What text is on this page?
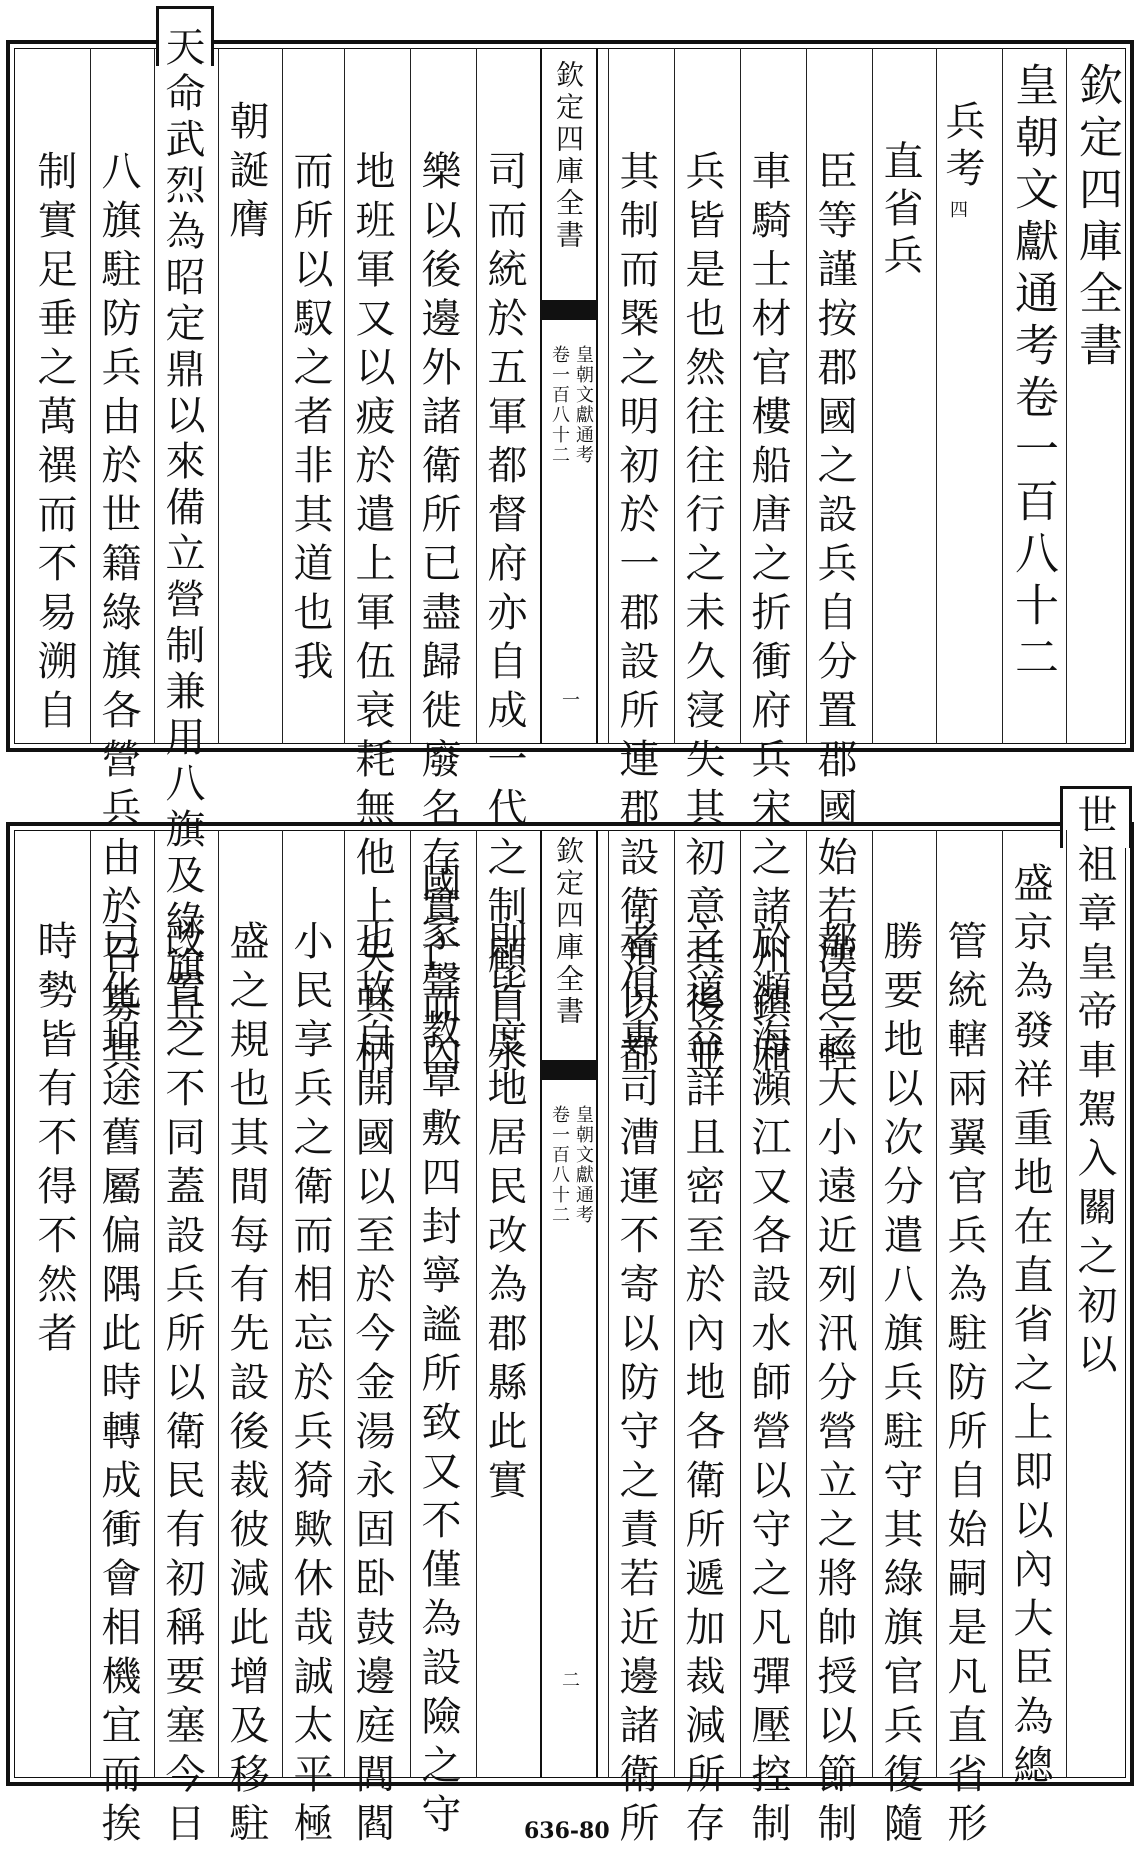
欽定四庫全書
皇朝文獻通考
卷一百八十二
一
欽定四庫全書
皇朝文獻通考卷一百八十二
兵考
四
直省兵
臣等謹按郡國之設兵自分置郡國始若漢之輕
車騎士材官樓船唐之折衝府兵宋之諸州鎮廂
兵皆是也然往往行之未久寖失其初意其後並
其制而槩之明初於一郡設所連郡設衛領以都
司而統於五軍都督府亦自成一代之制顧自永
樂以後邊外諸衛所已盡歸徙廢名存實亡而內
地班軍又以疲於遣上軍伍衰耗無他上失其柄
而所以馭之者非其道也我
朝誕膺
天命武烈為昭定鼎以來備立營制兼用八旗及綠旗兵
八旗駐防兵由於世籍綠旗各營兵由於召募其
制實足垂之萬禩而不易溯自
欽定四庫全書
皇朝文獻通考
卷一百八十二
二
世祖章皇帝車駕入關之初以
盛京為發祥重地在直省之上即以內大臣為總
管統轄兩翼官兵為駐防所自始嗣是凡直省形
勝要地以次分遣八旗兵駐守其綠旗官兵復隨
都邑之大小遠近列汛分營立之將帥授以節制
於瀕海瀕江又各設水師營以守之凡彈壓控制
之道益詳且密至於內地各衛所遞加裁減所存
者俱專司漕運不寄以防守之責若近邊諸衛所
則皆度地居民改為郡縣此實
國家聲教覃敷四封寧謐所致又不僅為設險之守
也故自開國以至於今金湯永固卧鼓邊庭閭閻
小民享兵之衛而相忘於兵猗歟休哉誠太平極
盛之規也其間每有先設後裁彼減此增及移駐
改置之不同蓋設兵所以衛民有初稱要塞今日
已化坦途舊屬偏隅此時轉成衝會相機宜而挨
時勢皆有不得不然者
636-80
